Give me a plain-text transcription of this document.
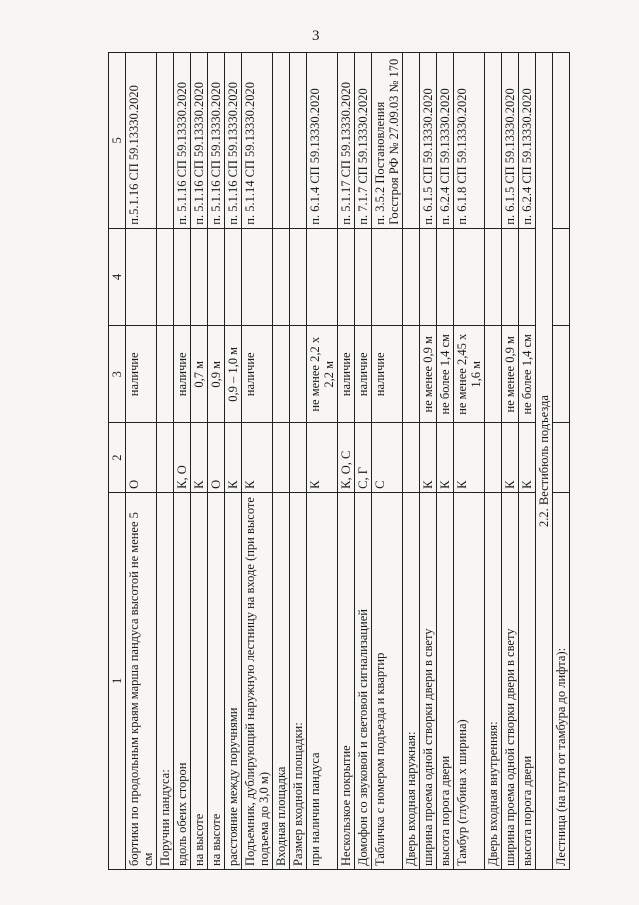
3
1	2	3	4	5
бортики по продольным краям марша пандуса высотой не менее 5 см	О	наличие		п.5.1.16 СП 59.13330.2020
Поручни пандуса:				
вдоль обеих сторон	К, О	наличие		п. 5.1.16 СП 59.13330.2020
на высоте	К	0,7 м		п. 5.1.16 СП 59.13330.2020
на высоте	О	0,9 м		п. 5.1.16 СП 59.13330.2020
расстояние между поручнями	К	0,9 – 1,0 м		п. 5.1.16 СП 59.13330.2020
Подъемник, дублирующий наружную лестницу на входе (при высоте подъема до 3,0 м)	К	наличие		п. 5.1.14 СП 59.13330.2020
Входная площадка				
Размер входной площадки:				
при наличии пандуса	К	не менее 2,2 х 2,2 м		п. 6.1.4 СП 59.13330.2020
Нескользкое покрытие	К, О, С	наличие		п. 5.1.17 СП 59.13330.2020
Домофон со звуковой и световой сигнализацией	С, Г	наличие		п. 7.1.7 СП 59.13330.2020
Табличка с номером подъезда и квартир	С	наличие		п. 3.5.2 Постановления Госстроя РФ № 27.09.03 № 170
Дверь входная наружная:				
ширина проема одной створки двери в свету	К	не менее 0,9 м		п. 6.1.5 СП 59.13330.2020
высота порога двери	К	не более 1,4 см		п. 6.2.4 СП 59.13330.2020
Тамбур (глубина х ширина)	К	не менее 2,45 х 1,6 м		п. 6.1.8 СП 59.13330.2020
Дверь входная внутренняя:				
ширина проема одной створки двери в свету	К	не менее 0,9 м		п. 6.1.5 СП 59.13330.2020
высота порога двери	К	не более 1,4 см		п. 6.2.4 СП 59.13330.2020
2.2. Вестибюль подъезда				
Лестница (на пути от тамбура до лифта):				
